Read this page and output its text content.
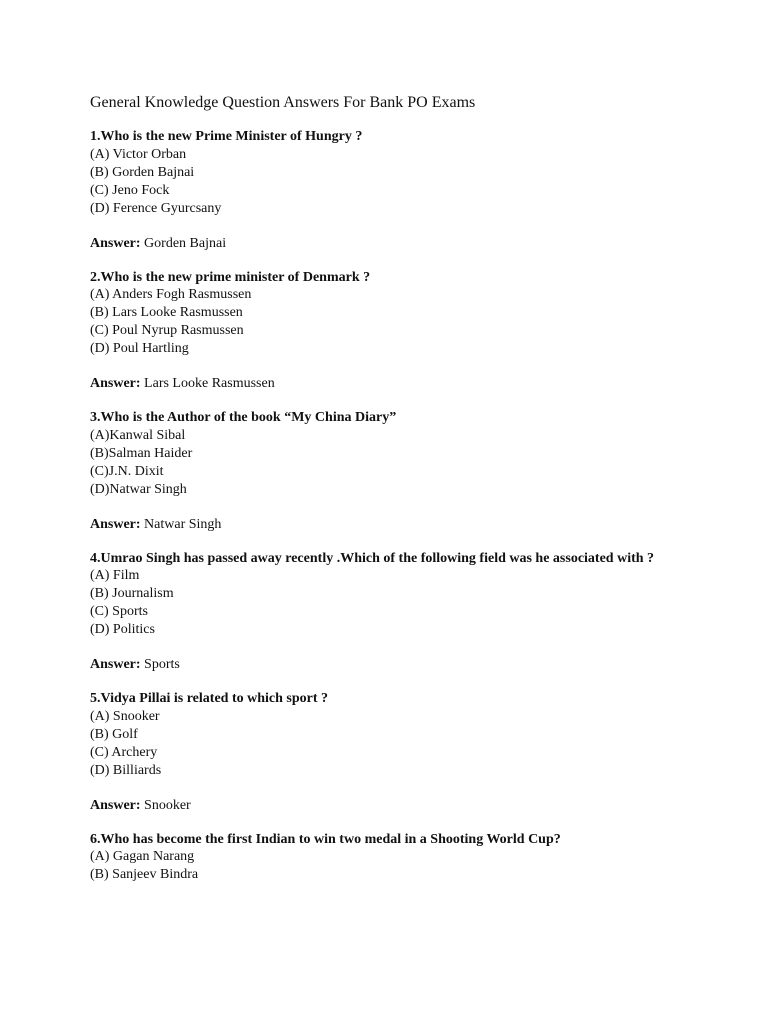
General Knowledge Question Answers For Bank PO Exams

1.Who is the new Prime Minister of Hungry ?

(A) Victor Orban
(B) Gorden Bajnai
(C) Jeno Fock
(D) Ference Gyurcsany

Answer: Gorden Bajnai

2.Who is the new prime minister of Denmark ?

(A) Anders Fogh Rasmussen
(B) Lars Looke Rasmussen
(C) Poul Nyrup Rasmussen
(D) Poul Hartling

Answer: Lars Looke Rasmussen

3.Who is the Author of the book “My China Diary”

(A)Kanwal Sibal
(B)Salman Haider
(C)J.N. Dixit
(D)Natwar Singh

Answer: Natwar Singh

4.Umrao Singh has passed away recently .Which of the following field was he associated with ?

(A) Film
(B) Journalism
(C) Sports
(D) Politics

Answer: Sports

5.Vidya Pillai is related to which sport ?

(A) Snooker
(B) Golf
(C) Archery
(D) Billiards

Answer: Snooker

6.Who has become the first Indian to win two medal in a Shooting World Cup?

(A) Gagan Narang
(B) Sanjeev Bindra
